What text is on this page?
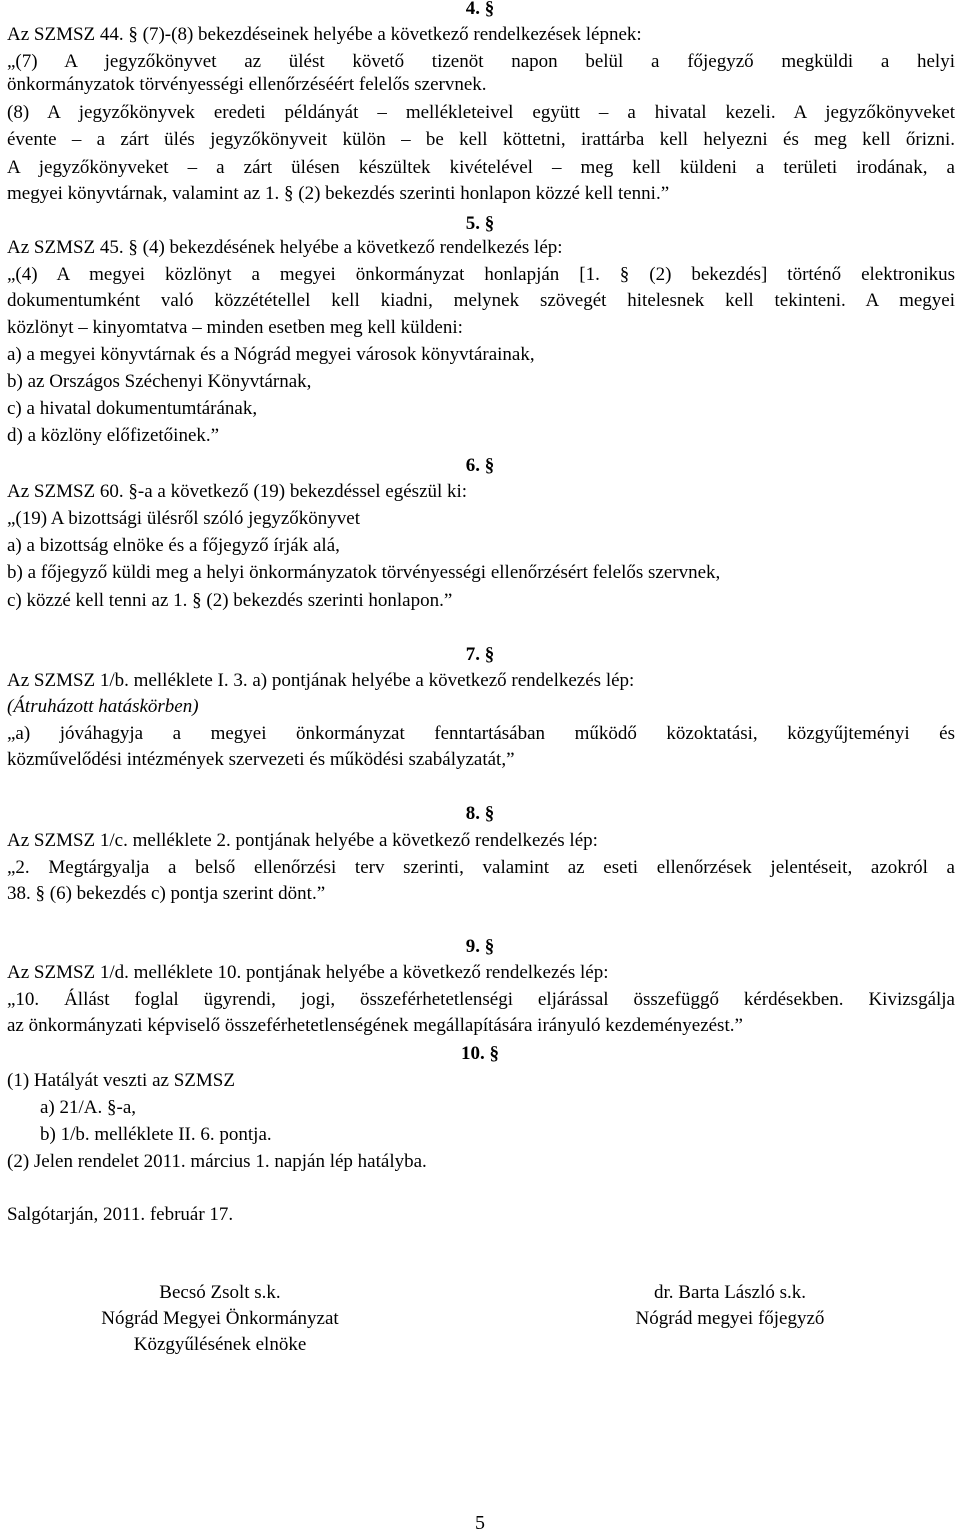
4. §
Az SZMSZ 44. § (7)-(8) bekezdéseinek helyébe a következő rendelkezések lépnek:
„(7) A jegyzőkönyvet az ülést követő tizenöt napon belül a főjegyző megküldi a helyi
önkormányzatok törvényességi ellenőrzéséért felelős szervnek.
(8) A jegyzőkönyvek eredeti példányát – mellékleteivel együtt – a hivatal kezeli. A jegyzőkönyveket
évente – a zárt ülés jegyzőkönyveit külön – be kell köttetni, irattárba kell helyezni és meg kell őrizni.
A jegyzőkönyveket – a zárt ülésen készültek kivételével – meg kell küldeni a területi irodának, a
megyei könyvtárnak, valamint az 1. § (2) bekezdés szerinti honlapon közzé kell tenni.”
5. §
Az SZMSZ 45. § (4) bekezdésének helyébe a következő rendelkezés lép:
„(4) A megyei közlönyt a megyei önkormányzat honlapján [1. § (2) bekezdés] történő elektronikus
dokumentumként való közzététellel kell kiadni, melynek szövegét hitelesnek kell tekinteni. A megyei
közlönyt – kinyomtatva – minden esetben meg kell küldeni:
a) a megyei könyvtárnak és a Nógrád megyei városok könyvtárainak,
b) az Országos Széchenyi Könyvtárnak,
c) a hivatal dokumentumtárának,
d) a közlöny előfizetőinek.”
6. §
Az SZMSZ 60. §-a a következő (19) bekezdéssel egészül ki:
„(19) A bizottsági ülésről szóló jegyzőkönyvet
a) a bizottság elnöke és a főjegyző írják alá,
b) a főjegyző küldi meg a helyi önkormányzatok törvényességi ellenőrzésért felelős szervnek,
c) közzé kell tenni az 1. § (2) bekezdés szerinti honlapon.”
7. §
Az SZMSZ 1/b. melléklete I. 3. a) pontjának helyébe a következő rendelkezés lép:
(Átruházott hatáskörben)
„a) jóváhagyja a megyei önkormányzat fenntartásában működő közoktatási, közgyűjteményi és
közművelődési intézmények szervezeti és működési szabályzatát,”
8. §
Az SZMSZ 1/c. melléklete 2. pontjának helyébe a következő rendelkezés lép:
„2. Megtárgyalja a belső ellenőrzési terv szerinti, valamint az eseti ellenőrzések jelentéseit, azokról a
38. § (6) bekezdés c) pontja szerint dönt.”
9. §
Az SZMSZ 1/d. melléklete 10. pontjának helyébe a következő rendelkezés lép:
„10. Állást foglal ügyrendi, jogi, összeférhetetlenségi eljárással összefüggő kérdésekben. Kivizsgálja
az önkormányzati képviselő összeférhetetlenségének megállapítására irányuló kezdeményezést.”
10. §
(1) Hatályát veszti az SZMSZ
a) 21/A. §-a,
b) 1/b. melléklete II. 6. pontja.
(2) Jelen rendelet 2011. március 1. napján lép hatályba.
Salgótarján, 2011. február 17.
Becsó Zsolt s.k.
Nógrád Megyei Önkormányzat
Közgyűlésének elnöke
dr. Barta László s.k.
Nógrád megyei főjegyző
5
